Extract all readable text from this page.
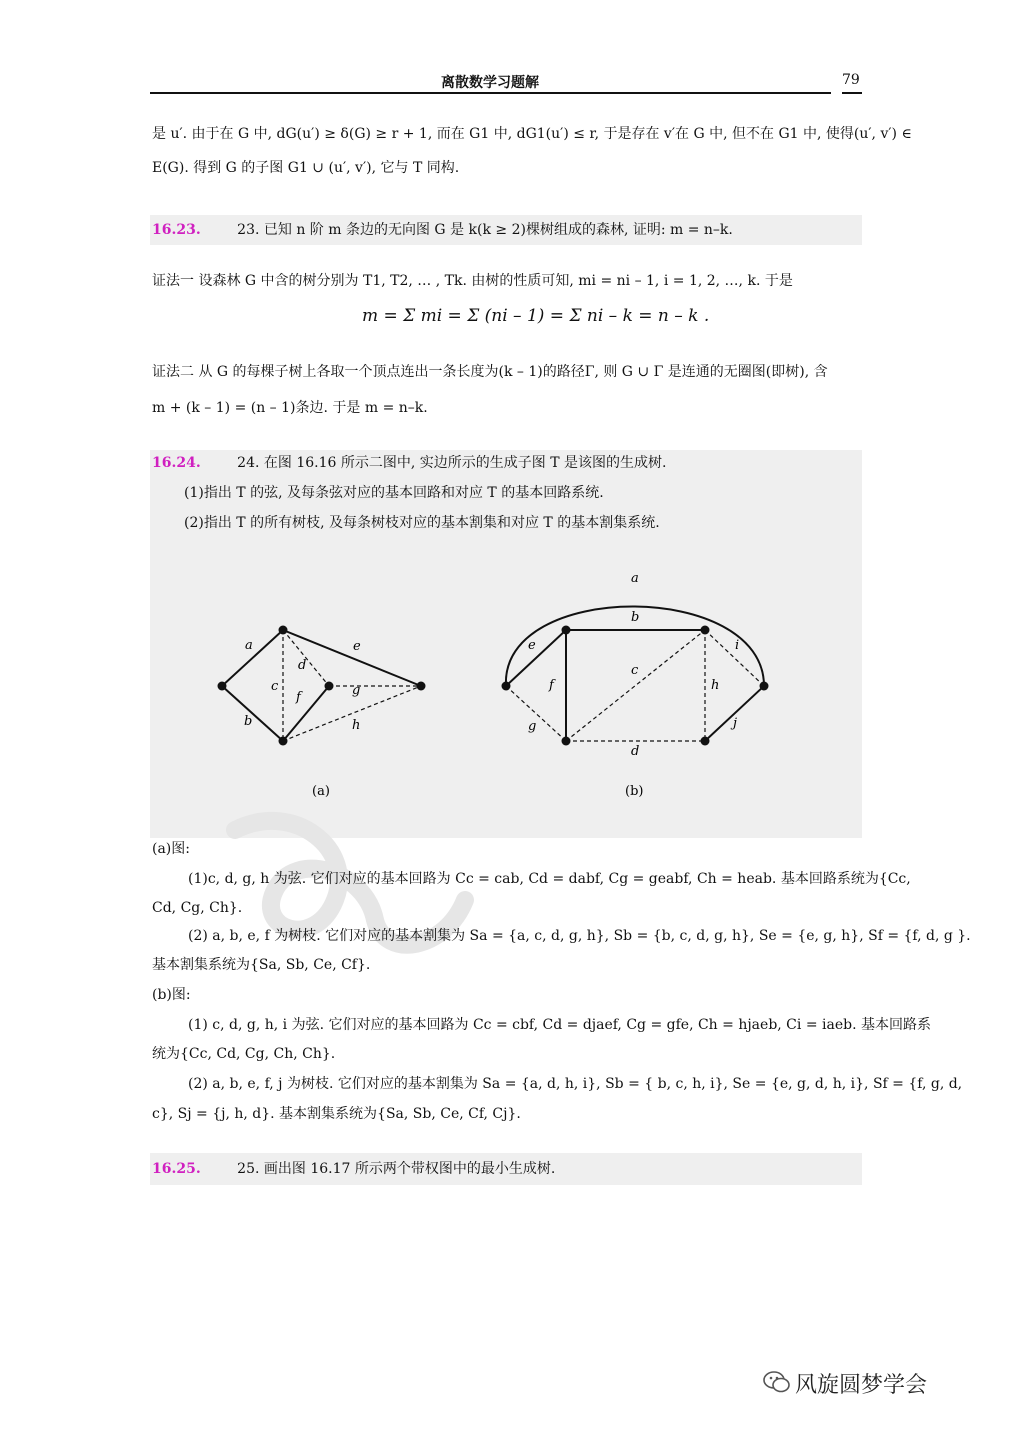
离散数学习题解	79
是 u′. 由于在 G 中, dG(u′) ≥ δ(G) ≥ r + 1, 而在 G1 中, dG1(u′) ≤ r, 于是存在 v′在 G 中, 但不在 G1 中, 使得(u′, v′) ∈
E(G). 得到 G 的子图 G1 ∪ (u′, v′), 它与 T 同构.
16.23.	23. 已知 n 阶 m 条边的无向图 G 是 k(k ≥ 2)棵树组成的森林, 证明: m = n–k.
证法一 设森林 G 中含的树分别为 T1, T2, … , Tk. 由树的性质可知, mi = ni – 1, i = 1, 2, …, k. 于是
m = Σ mi = Σ (ni – 1) = Σ ni – k = n – k .
证法二 从 G 的每棵子树上各取一个顶点连出一条长度为(k – 1)的路径Γ, 则 G ∪ Γ 是连通的无圈图(即树), 含
m + (k – 1) = (n – 1)条边. 于是 m = n–k.
16.24.	24. 在图 16.16 所示二图中, 实边所示的生成子图 T 是该图的生成树.
(1)指出 T 的弦, 及每条弦对应的基本回路和对应 T 的基本回路系统.
(2)指出 T 的所有树枝, 及每条树枝对应的基本割集和对应 T 的基本割集系统.
a
b
c
d
e
f	g
h
(a)
a
b
c
d
e
f
g
h
i
j
(b)
(a)图:
(1)c, d, g, h 为弦. 它们对应的基本回路为 Cc = cab, Cd = dabf, Cg = geabf, Ch = heab. 基本回路系统为{Cc,
Cd, Cg, Ch}.
(2) a, b, e, f 为树枝. 它们对应的基本割集为 Sa = {a, c, d, g, h}, Sb = {b, c, d, g, h}, Se = {e, g, h}, Sf = {f, d, g }.
基本割集系统为{Sa, Sb, Ce, Cf}.
(b)图:
(1) c, d, g, h, i 为弦. 它们对应的基本回路为 Cc = cbf, Cd = djaef, Cg = gfe, Ch = hjaeb, Ci = iaeb. 基本回路系
统为{Cc, Cd, Cg, Ch, Ch}.
(2) a, b, e, f, j 为树枝. 它们对应的基本割集为 Sa = {a, d, h, i}, Sb = { b, c, h, i}, Se = {e, g, d, h, i}, Sf = {f, g, d,
c}, Sj = {j, h, d}. 基本割集系统为{Sa, Sb, Ce, Cf, Cj}.
16.25.	25. 画出图 16.17 所示两个带权图中的最小生成树.
风旋圆梦学会
